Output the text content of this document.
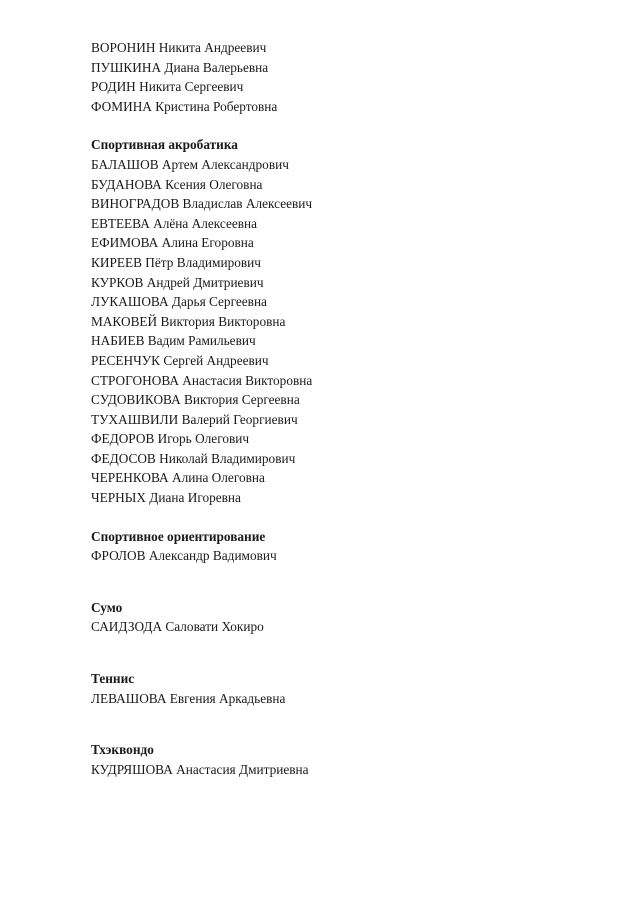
ВОРОНИН Никита Андреевич
ПУШКИНА Диана Валерьевна
РОДИН Никита Сергеевич
ФОМИНА Кристина Робертовна
Спортивная акробатика
БАЛАШОВ Артем Александрович
БУДАНОВА Ксения Олеговна
ВИНОГРАДОВ Владислав Алексеевич
ЕВТЕЕВА Алёна Алексеевна
ЕФИМОВА Алина Егоровна
КИРЕЕВ Пётр Владимирович
КУРКОВ Андрей Дмитриевич
ЛУКАШОВА Дарья Сергеевна
МАКОВЕЙ Виктория Викторовна
НАБИЕВ Вадим Рамильевич
РЕСЕНЧУК Сергей Андреевич
СТРОГОНОВА Анастасия Викторовна
СУДОВИКОВА Виктория Сергеевна
ТУХАШВИЛИ Валерий Георгиевич
ФЕДОРОВ Игорь Олегович
ФЕДОСОВ Николай Владимирович
ЧЕРЕНКОВА Алина Олеговна
ЧЕРНЫХ Диана Игоревна
Спортивное ориентирование
ФРОЛОВ Александр Вадимович
Сумо
САИДЗОДА Саловати Хокиро
Теннис
ЛЕВАШОВА Евгения Аркадьевна
Тхэквондо
КУДРЯШОВА Анастасия Дмитриевна
